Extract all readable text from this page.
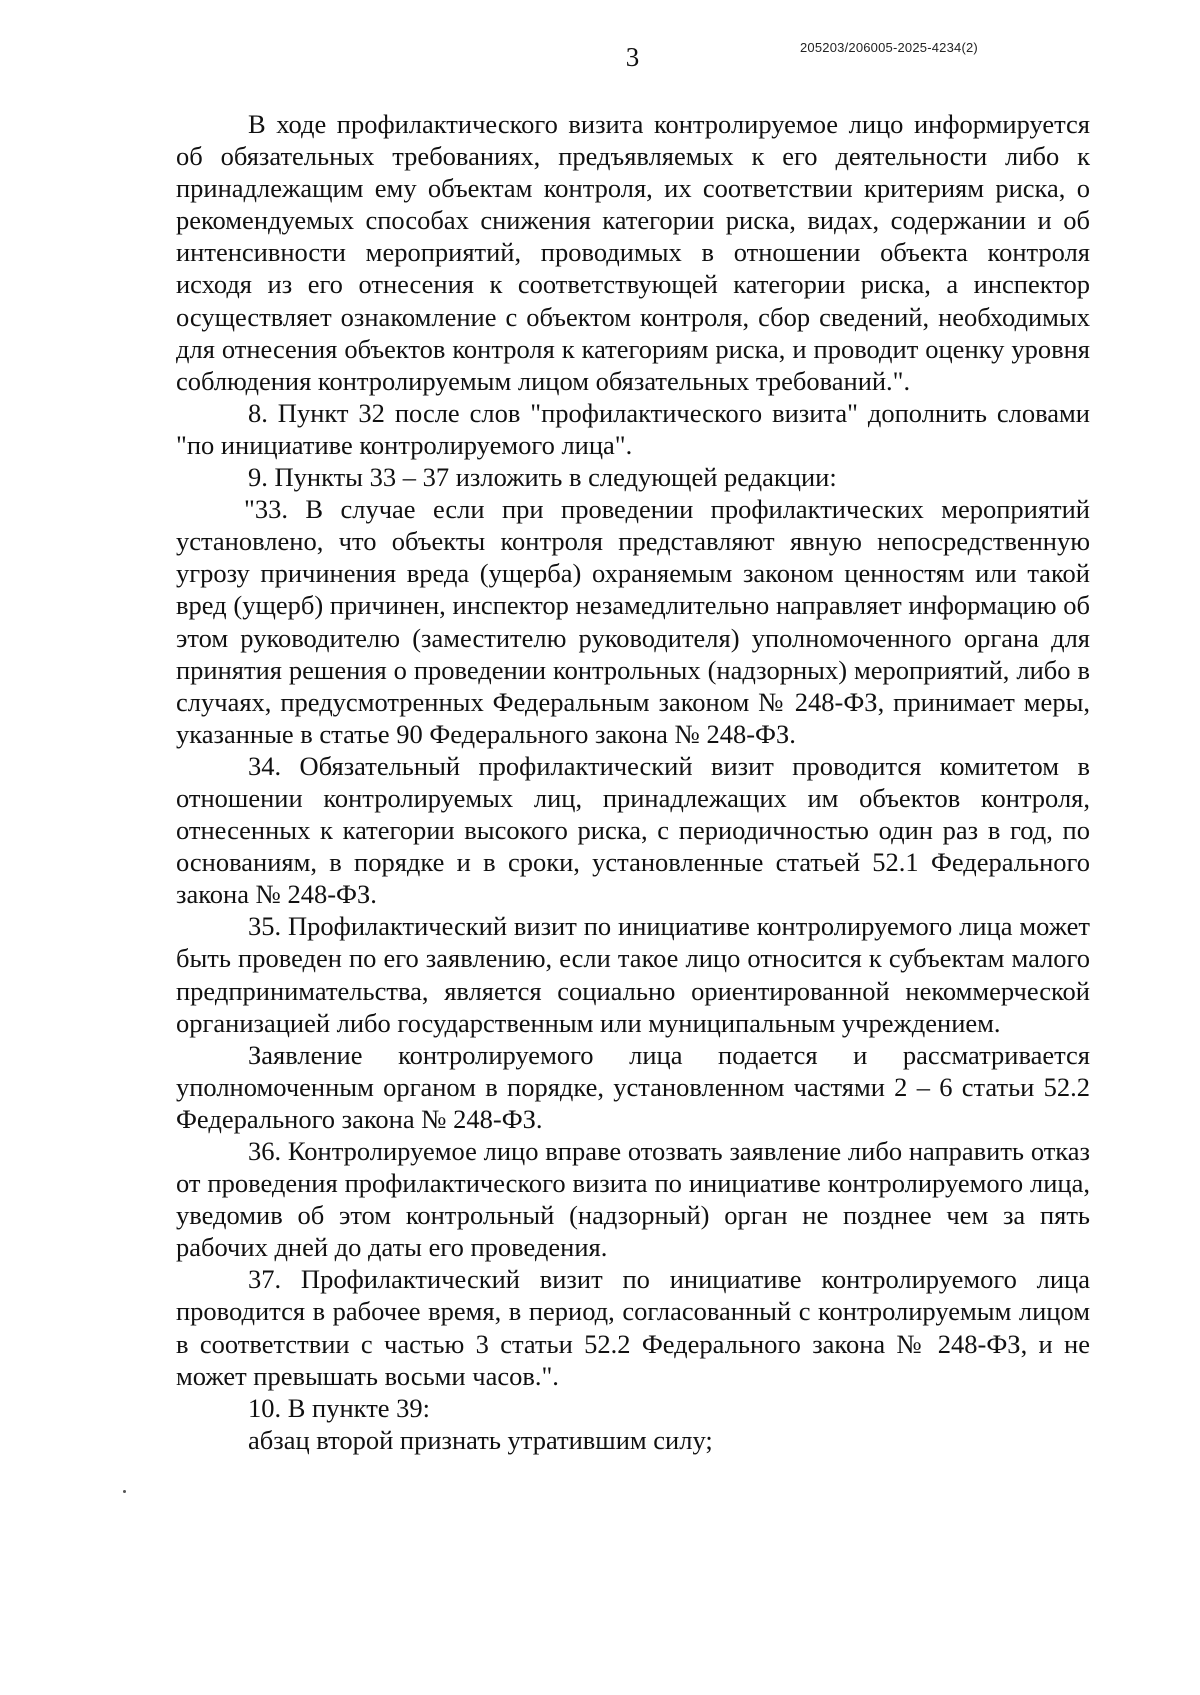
3	205203/206005-2025-4234(2)

В ходе профилактического визита контролируемое лицо информируется об обязательных требованиях, предъявляемых к его деятельности либо к принадлежащим ему объектам контроля, их соответствии критериям риска, о рекомендуемых способах снижения категории риска, видах, содержании и об интенсивности мероприятий, проводимых в отношении объекта контроля исходя из его отнесения к соответствующей категории риска, а инспектор осуществляет ознакомление с объектом контроля, сбор сведений, необходимых для отнесения объектов контроля к категориям риска, и проводит оценку уровня соблюдения контролируемым лицом обязательных требований.".

8. Пункт 32 после слов "профилактического визита" дополнить словами "по инициативе контролируемого лица".

9. Пункты 33 – 37 изложить в следующей редакции:

"33. В случае если при проведении профилактических мероприятий установлено, что объекты контроля представляют явную непосредственную угрозу причинения вреда (ущерба) охраняемым законом ценностям или такой вред (ущерб) причинен, инспектор незамедлительно направляет информацию об этом руководителю (заместителю руководителя) уполномоченного органа для принятия решения о проведении контрольных (надзорных) мероприятий, либо в случаях, предусмотренных Федеральным законом № 248-ФЗ, принимает меры, указанные в статье 90 Федерального закона № 248-ФЗ.

34. Обязательный профилактический визит проводится комитетом в отношении контролируемых лиц, принадлежащих им объектов контроля, отнесенных к категории высокого риска, с периодичностью один раз в год, по основаниям, в порядке и в сроки, установленные статьей 52.1 Федерального закона № 248-ФЗ.

35. Профилактический визит по инициативе контролируемого лица может быть проведен по его заявлению, если такое лицо относится к субъектам малого предпринимательства, является социально ориентированной некоммерческой организацией либо государственным или муниципальным учреждением.

Заявление контролируемого лица подается и рассматривается уполномоченным органом в порядке, установленном частями 2 – 6 статьи 52.2 Федерального закона № 248-ФЗ.

36. Контролируемое лицо вправе отозвать заявление либо направить отказ от проведения профилактического визита по инициативе контролируемого лица, уведомив об этом контрольный (надзорный) орган не позднее чем за пять рабочих дней до даты его проведения.

37. Профилактический визит по инициативе контролируемого лица проводится в рабочее время, в период, согласованный с контролируемым лицом в соответствии с частью 3 статьи 52.2 Федерального закона № 248-ФЗ, и не может превышать восьми часов.".

10. В пункте 39:

абзац второй признать утратившим силу;
